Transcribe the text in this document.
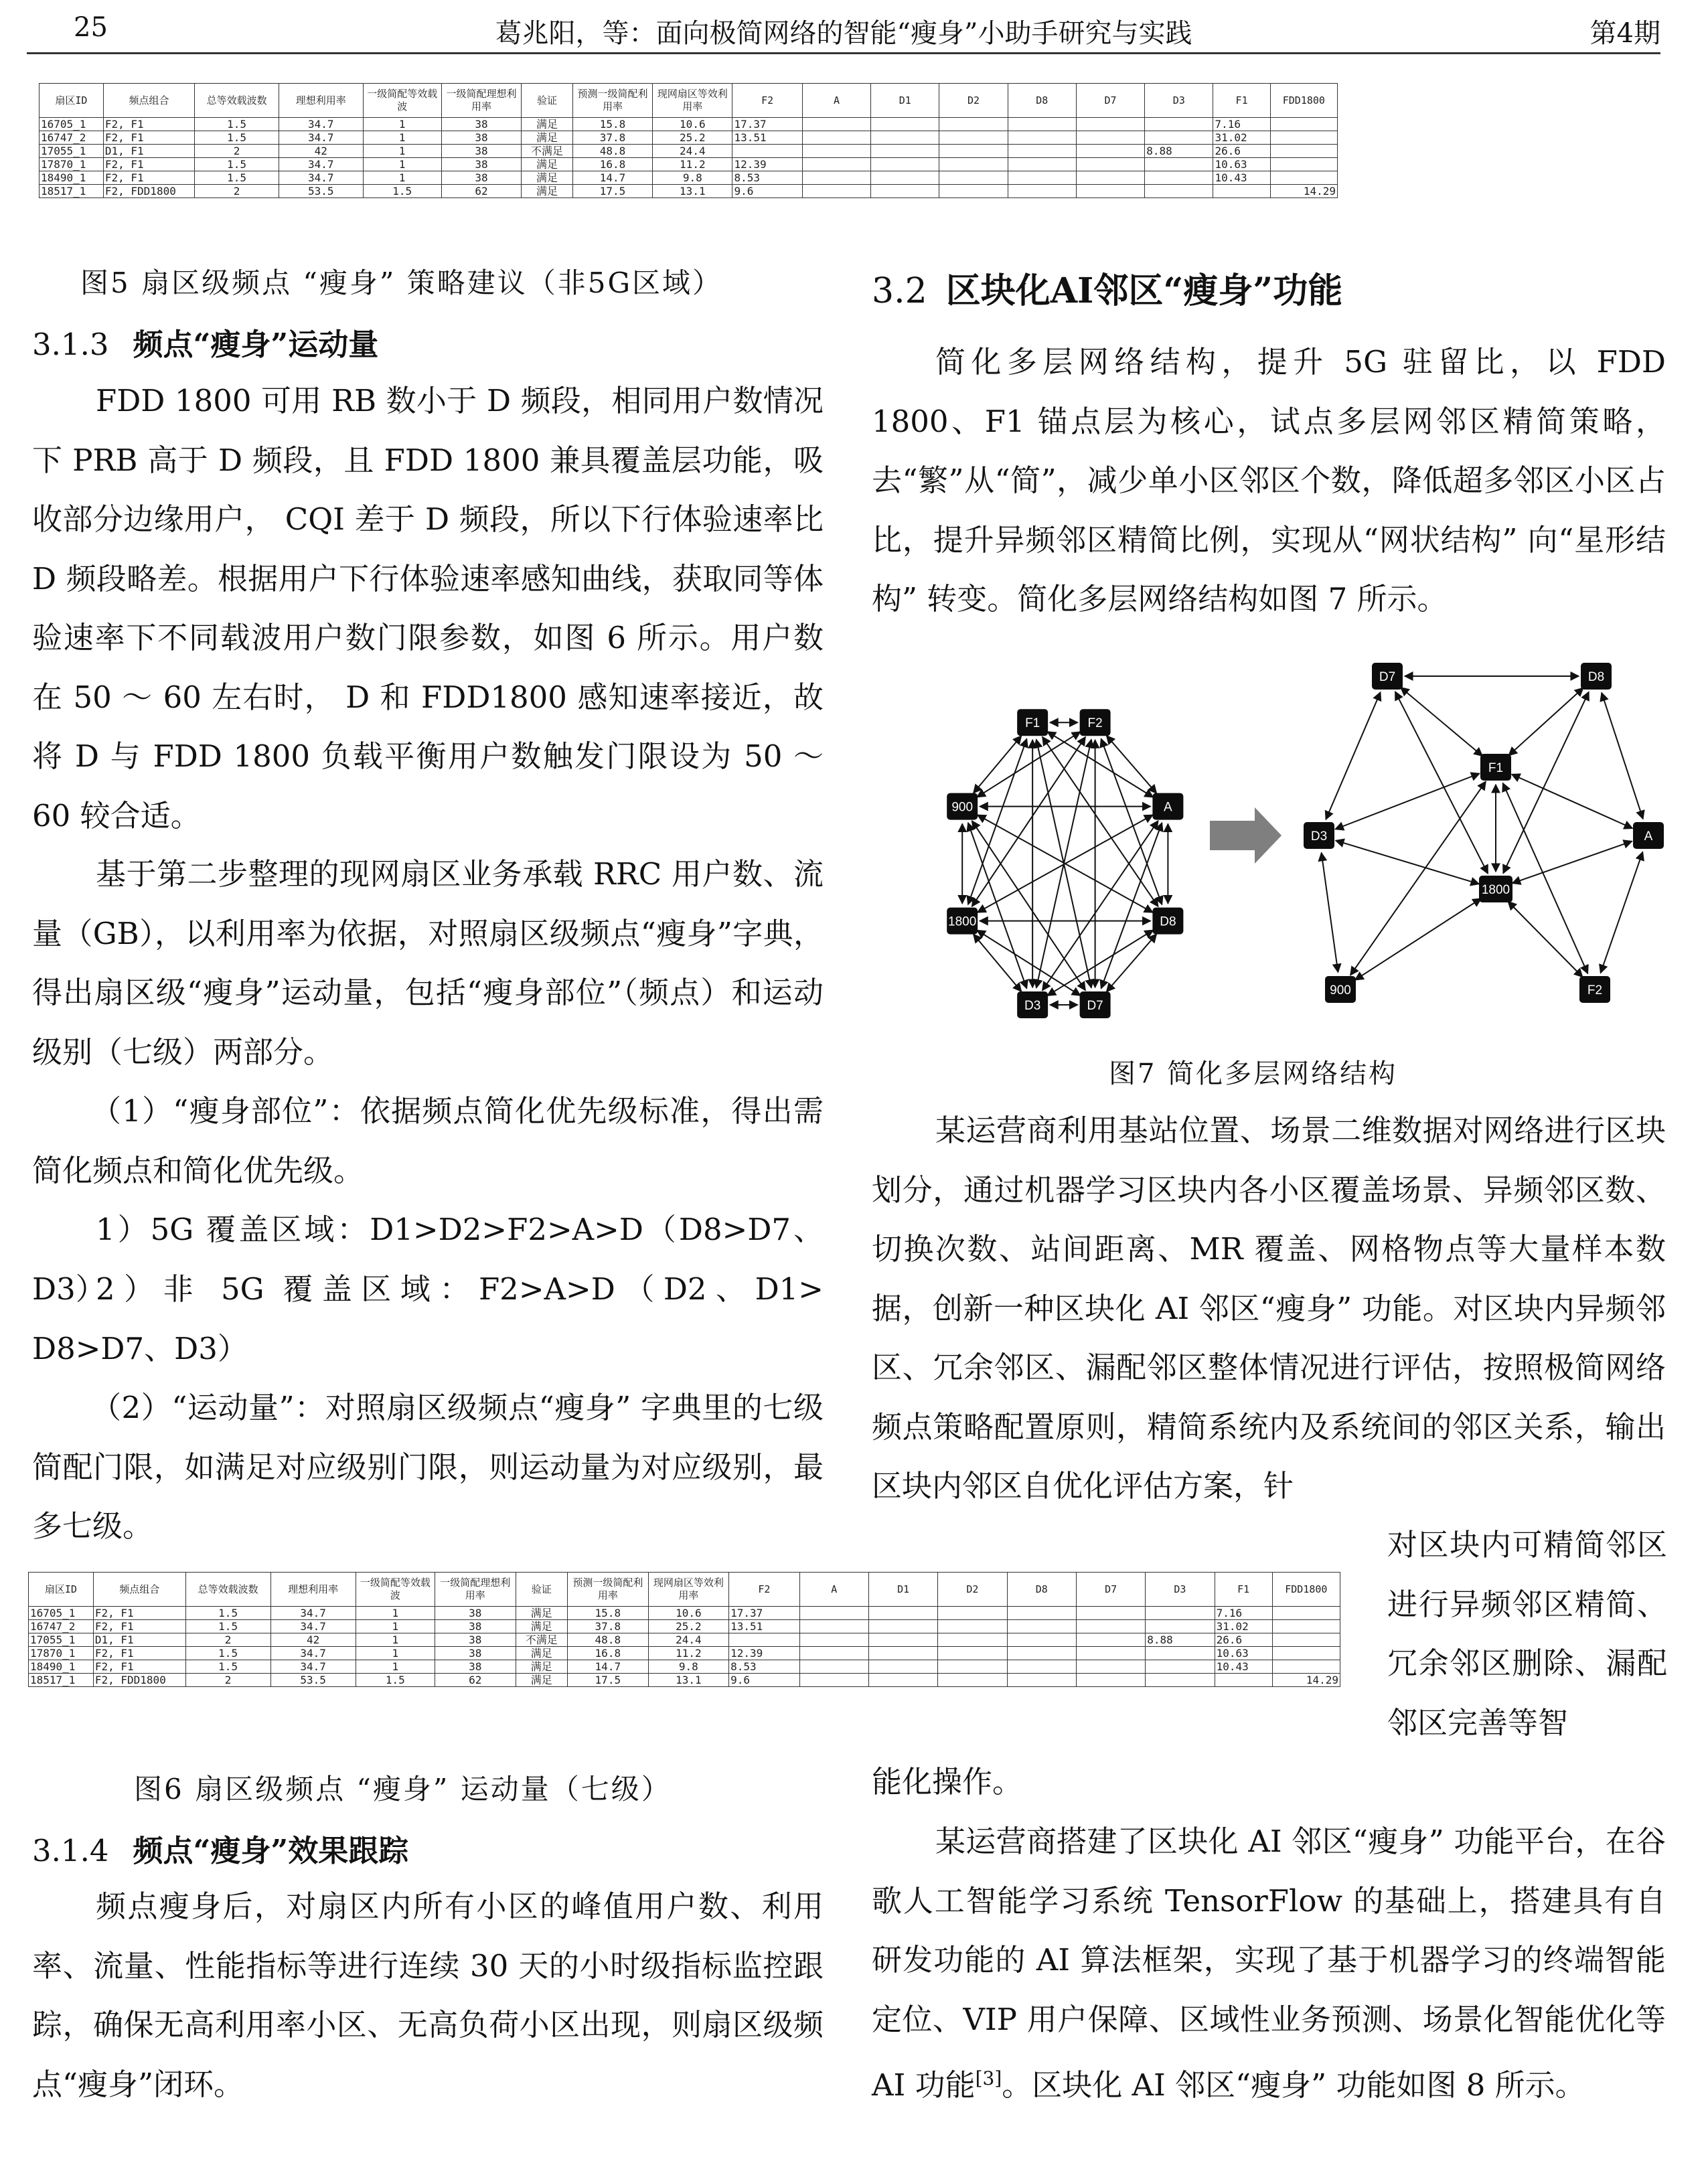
25	葛兆阳，等：面向极简网络的智能“瘦身”小助手研究与实践	第4期
扇区ID	频点组合	总等效载波数	理想利用率	一级简配等效载波	一级简配理想利用率	验证	预测一级简配利用率	现网扇区等效利用率	F2	A	D1	D2	D8	D7	D3	F1	FDD1800
16705_1	F2, F1	1.5	34.7	1	38	满足	15.8	10.6	17.37							7.16	
16747_2	F2, F1	1.5	34.7	1	38	满足	37.8	25.2	13.51							31.02	
17055_1	D1, F1	2	42	1	38	不满足	48.8	24.4							8.88	26.6	
17870_1	F2, F1	1.5	34.7	1	38	满足	16.8	11.2	12.39							10.63	
18490_1	F2, F1	1.5	34.7	1	38	满足	14.7	9.8	8.53							10.43	
18517_1	F2, FDD1800	2	53.5	1.5	62	满足	17.5	13.1	9.6								14.29
图5 扇区级频点 “瘦身” 策略建议（非5G区域）
3.1.3 频点“瘦身”运动量

FDD 1800 可用 RB 数小于 D 频段，相同用户数情况下 PRB 高于 D 频段，且 FDD 1800 兼具覆盖层功能，吸收部分边缘用户， CQI 差于 D 频段，所以下行体验速率比 D 频段略差。根据用户下行体验速率感知曲线，获取同等体验速率下不同载波用户数门限参数，如图 6 所示。用户数在 50 ～ 60 左右时， D 和 FDD1800 感知速率接近，故将 D 与 FDD 1800 负载平衡用户数触发门限设为 50 ～ 60 较合适。

基于第二步整理的现网扇区业务承载 RRC 用户数、流量（GB），以利用率为依据，对照扇区级频点“瘦身”字典，得出扇区级“瘦身”运动量，包括“瘦身部位”（频点）和运动级别（七级）两部分。

（1）“瘦身部位”：依据频点简化优先级标准，得出需简化频点和简化优先级。

1）5G 覆盖区域：D1>D2>F2>A>D（D8>D7、D3）

2）非 5G 覆盖区域：F2>A>D（D2、D1> D8>D7、D3）

（2）“运动量”：对照扇区级频点“瘦身” 字典里的七级简配门限，如满足对应级别门限，则运动量为对应级别，最多七级。

3.2 区块化AI邻区“瘦身”功能

简化多层网络结构，提升 5G 驻留比，以 FDD 1800、F1 锚点层为核心，试点多层网邻区精简策略，去“繁”从“简”，减少单小区邻区个数，降低超多邻区小区占比，提升异频邻区精简比例，实现从“网状结构” 向“星形结构” 转变。简化多层网络结构如图 7 所示。

F1	F2
A
D8
D7
D3
1800
900
D7	D8
F1
D3	A
1800
900	F2
图7 简化多层网络结构

某运营商利用基站位置、场景二维数据对网络进行区块划分，通过机器学习区块内各小区覆盖场景、异频邻区数、切换次数、站间距离、MR 覆盖、网格物点等大量样本数据，创新一种区块化 AI 邻区“瘦身” 功能。对区块内异频邻区、冗余邻区、漏配邻区整体情况进行评估，按照极简网络频点策略配置原则，精简系统内及系统间的邻区关系，输出区块内邻区自优化评估方案，针

对区块内可精简邻区进行异频邻区精简、冗余邻区删除、漏配邻区完善等智

扇区ID	频点组合	总等效载波数	理想利用率	一级简配等效载波	一级简配理想利用率	验证	预测一级简配利用率	现网扇区等效利用率	F2	A	D1	D2	D8	D7	D3	F1	FDD1800
16705_1	F2, F1	1.5	34.7	1	38	满足	15.8	10.6	17.37							7.16	
16747_2	F2, F1	1.5	34.7	1	38	满足	37.8	25.2	13.51							31.02	
17055_1	D1, F1	2	42	1	38	不满足	48.8	24.4							8.88	26.6	
17870_1	F2, F1	1.5	34.7	1	38	满足	16.8	11.2	12.39							10.63	
18490_1	F2, F1	1.5	34.7	1	38	满足	14.7	9.8	8.53							10.43	
18517_1	F2, FDD1800	2	53.5	1.5	62	满足	17.5	13.1	9.6								14.29
图6 扇区级频点 “瘦身” 运动量（七级）	能化操作。

3.1.4 频点“瘦身”效果跟踪

频点瘦身后，对扇区内所有小区的峰值用户数、利用率、流量、性能指标等进行连续 30 天的小时级指标监控跟踪，确保无高利用率小区、无高负荷小区出现，则扇区级频点“瘦身”闭环。

某运营商搭建了区块化 AI 邻区“瘦身” 功能平台，在谷歌人工智能学习系统 TensorFlow 的基础上，搭建具有自研发功能的 AI 算法框架，实现了基于机器学习的终端智能定位、VIP 用户保障、区域性业务预测、场景化智能优化等 AI 功能[3]。区块化 AI 邻区“瘦身” 功能如图 8 所示。
